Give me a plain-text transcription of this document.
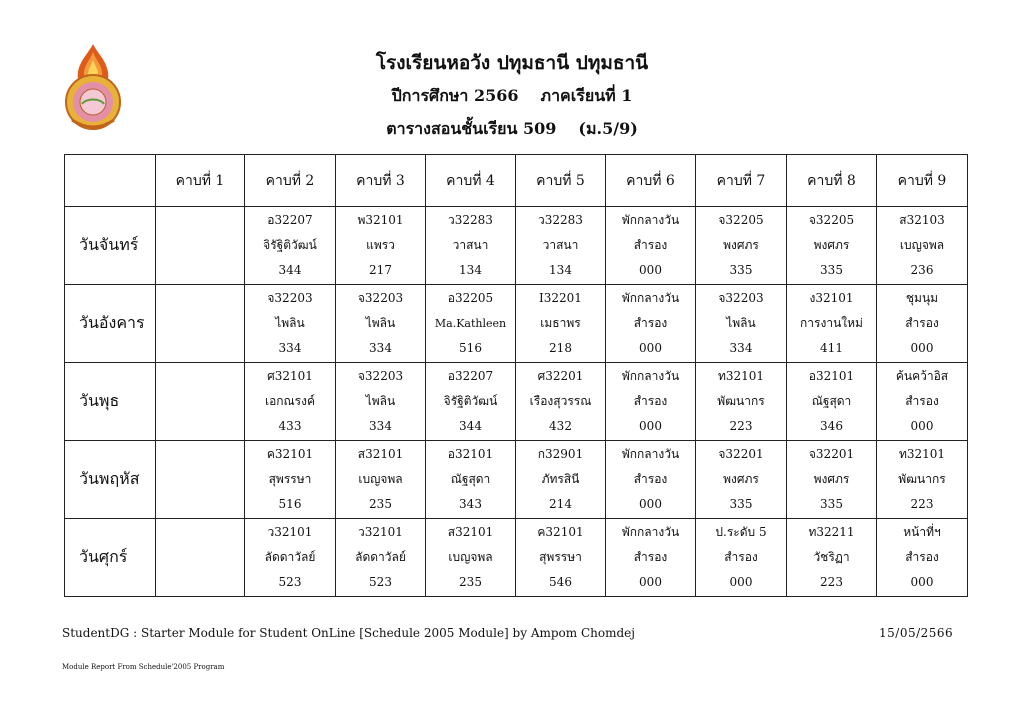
โรงเรียนหอวัง ปทุมธานี ปทุมธานี
ปีการศึกษา 2566 ภาคเรียนที่ 1
ตารางสอนชั้นเรียน 509 (ม.5/9)
	คาบที่ 1	คาบที่ 2	คาบที่ 3	คาบที่ 4	คาบที่ 5	คาบที่ 6	คาบที่ 7	คาบที่ 8	คาบที่ 9
วันจันทร์		อ32207
จิรัฐิติวัฒน์
344	พ32101
แพรว
217	ว32283
วาสนา
134	ว32283
วาสนา
134	พักกลางวัน
สำรอง
000	จ32205
พงศภร
335	จ32205
พงศภร
335	ส32103
เบญจพล
236

วันอังคาร		จ32203
ไพลิน
334	จ32203
ไพลิน
334	อ32205
Ma.Kathleen
516	I32201
เมธาพร
218	พักกลางวัน
สำรอง
000	จ32203
ไพลิน
334	ง32101
การงานใหม่
411	ชุมนุม
สำรอง
000

วันพุธ		ศ32101
เอกณรงค์
433	จ32203
ไพลิน
334	อ32207
จิรัฐิติวัฒน์
344	ศ32201
เรืองสุวรรณ
432	พักกลางวัน
สำรอง
000	ท32101
พัฒนากร
223	อ32101
ณัฐสุดา
346	ค้นคว้าอิส
สำรอง
000

วันพฤหัส		ค32101
สุพรรษา
516	ส32101
เบญจพล
235	อ32101
ณัฐสุดา
343	ก32901
ภัทรสินี
214	พักกลางวัน
สำรอง
000	จ32201
พงศภร
335	จ32201
พงศภร
335	ท32101
พัฒนากร
223

วันศุกร์		ว32101
ลัดดาวัลย์
523	ว32101
ลัดดาวัลย์
523	ส32101
เบญจพล
235	ค32101
สุพรรษา
546	พักกลางวัน
สำรอง
000	ป.ระดับ 5
สำรอง
000	ท32211
วัชริฏา
223	หน้าที่ฯ
สำรอง
000
StudentDG : Starter Module for Student OnLine [Schedule 2005 Module] by Ampom Chomdej	15/05/2566
Module Report From Schedule'2005 Program
